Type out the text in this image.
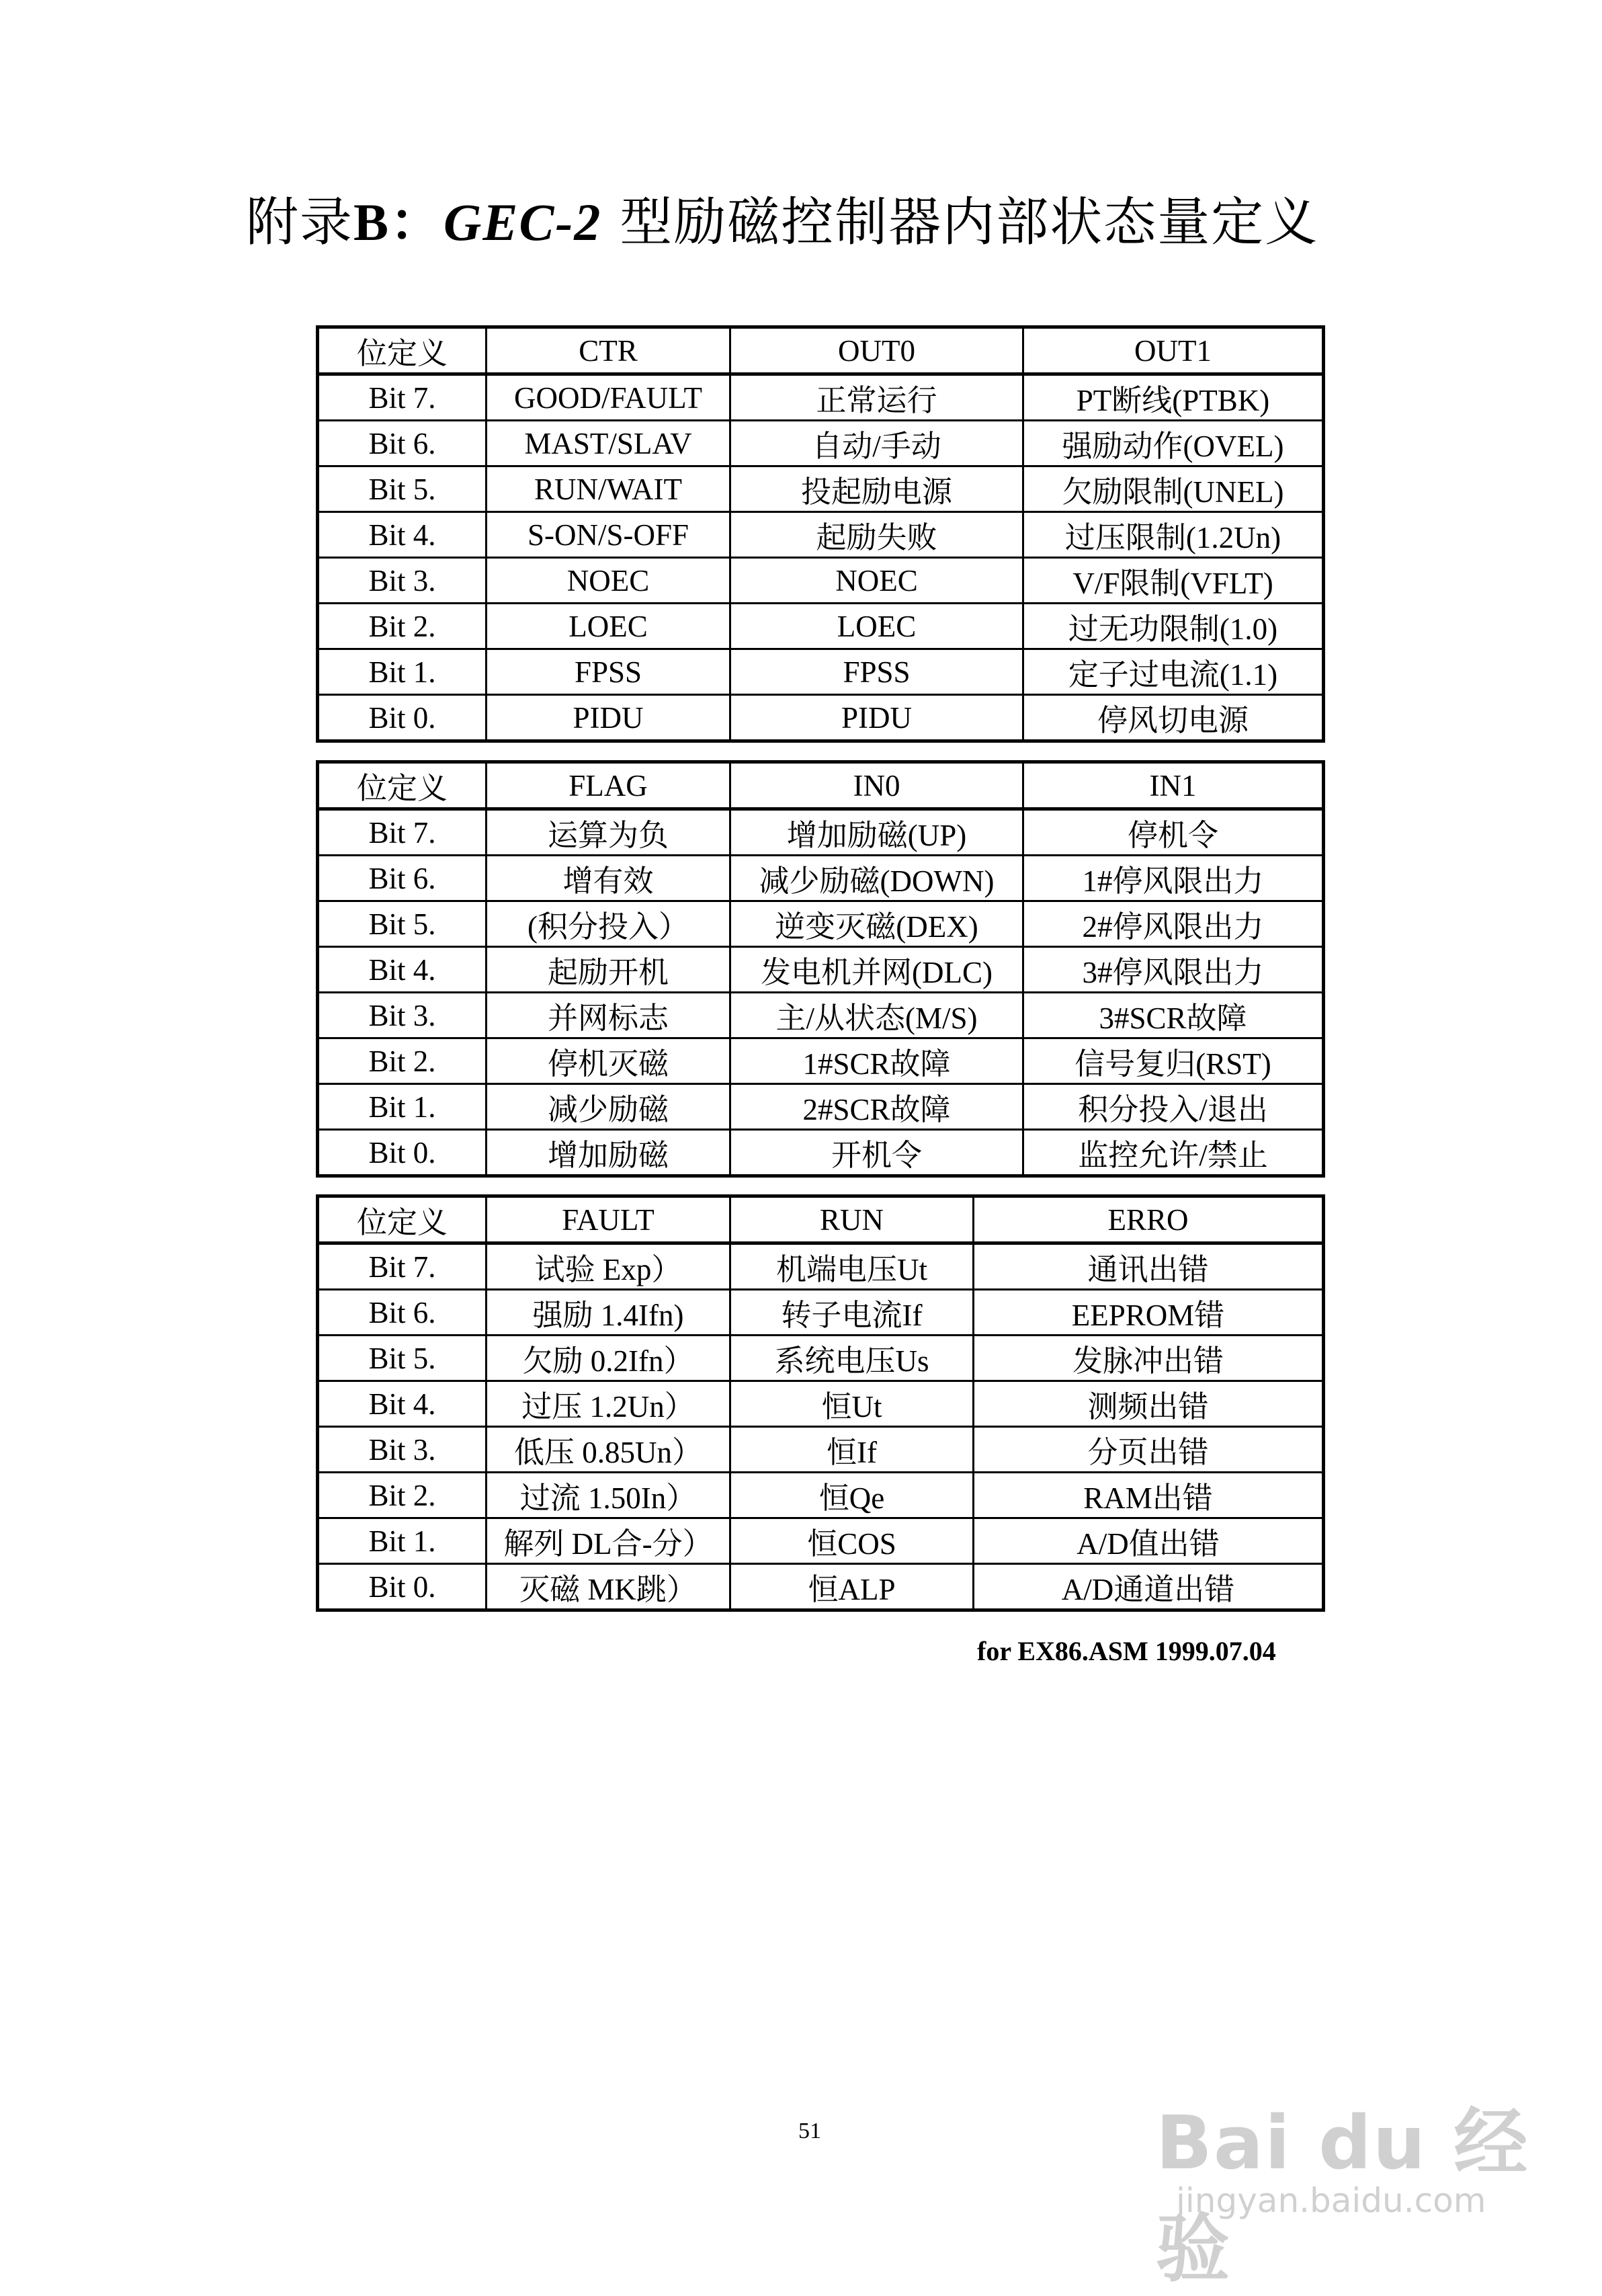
附录B：GEC-2 型励磁控制器内部状态量定义
位定义	CTR	OUT0	OUT1
Bit 7.	GOOD/FAULT	正常运行	PT断线(PTBK)
Bit 6.	MAST/SLAV	自动/手动	强励动作(OVEL)
Bit 5.	RUN/WAIT	投起励电源	欠励限制(UNEL)
Bit 4.	S-ON/S-OFF	起励失败	过压限制(1.2Un)
Bit 3.	NOEC	NOEC	V/F限制(VFLT)
Bit 2.	LOEC	LOEC	过无功限制(1.0)
Bit 1.	FPSS	FPSS	定子过电流(1.1)
Bit 0.	PIDU	PIDU	停风切电源
位定义	FLAG	IN0	IN1
Bit 7.	运算为负	增加励磁(UP)	停机令
Bit 6.	增有效	减少励磁(DOWN)	1#停风限出力
Bit 5.	(积分投入）	逆变灭磁(DEX)	2#停风限出力
Bit 4.	起励开机	发电机并网(DLC)	3#停风限出力
Bit 3.	并网标志	主/从状态(M/S)	3#SCR故障
Bit 2.	停机灭磁	1#SCR故障	信号复归(RST)
Bit 1.	减少励磁	2#SCR故障	积分投入/退出
Bit 0.	增加励磁	开机令	监控允许/禁止
位定义	FAULT	RUN	ERRO
Bit 7.	试验 Exp）	机端电压Ut	通讯出错
Bit 6.	强励 1.4Ifn)	转子电流If	EEPROM错
Bit 5.	欠励 0.2Ifn）	系统电压Us	发脉冲出错
Bit 4.	过压 1.2Un）	恒Ut	测频出错
Bit 3.	低压 0.85Un）	恒If	分页出错
Bit 2.	过流 1.50In）	恒Qe	RAM出错
Bit 1.	解列 DL合-分）	恒COS	A/D值出错
Bit 0.	灭磁 MK跳）	恒ALP	A/D通道出错
for EX86.ASM 1999.07.04
51	Bai du 经验
jingyan.baidu.com
